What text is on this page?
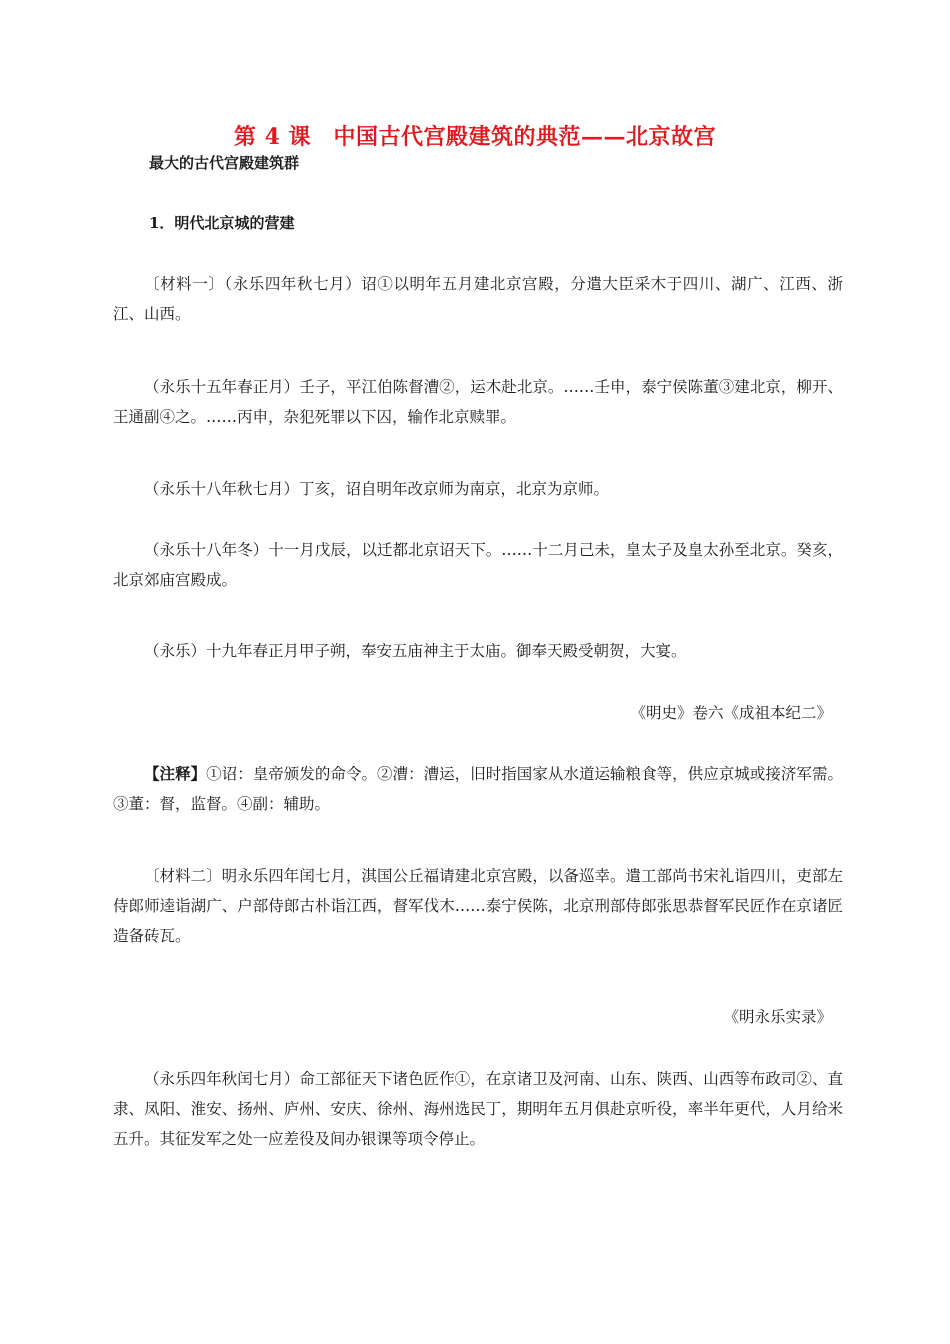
第 4 课　中国古代宫殿建筑的典范——北京故宫
最大的古代宫殿建筑群
1．明代北京城的营建

〔材料一〕（永乐四年秋七月）诏①以明年五月建北京宫殿，分遣大臣采木于四川、湖广、江西、浙江、山西。

（永乐十五年春正月）壬子，平江伯陈督漕②，运木赴北京。……壬申，泰宁侯陈董③建北京，柳开、王通副④之。……丙申，杂犯死罪以下囚，输作北京赎罪。

（永乐十八年秋七月）丁亥，诏自明年改京师为南京，北京为京师。

（永乐十八年冬）十一月戊辰，以迁都北京诏天下。……十二月己未，皇太子及皇太孙至北京。癸亥，北京郊庙宫殿成。

（永乐）十九年春正月甲子朔，奉安五庙神主于太庙。御奉天殿受朝贺，大宴。

《明史》卷六《成祖本纪二》

【注释】①诏：皇帝颁发的命令。②漕：漕运，旧时指国家从水道运输粮食等，供应京城或接济军需。③董：督，监督。④副：辅助。

〔材料二〕明永乐四年闰七月，淇国公丘福请建北京宫殿，以备巡幸。遣工部尚书宋礼诣四川，吏部左侍郎师逵诣湖广、户部侍郎古朴诣江西，督军伐木……泰宁侯陈，北京刑部侍郎张思恭督军民匠作在京诸匠造备砖瓦。

《明永乐实录》

（永乐四年秋闰七月）命工部征天下诸色匠作①，在京诸卫及河南、山东、陕西、山西等布政司②、直隶、凤阳、淮安、扬州、庐州、安庆、徐州、海州选民丁，期明年五月俱赴京听役，率半年更代，人月给米五升。其征发军之处一应差役及间办银课等项令停止。
